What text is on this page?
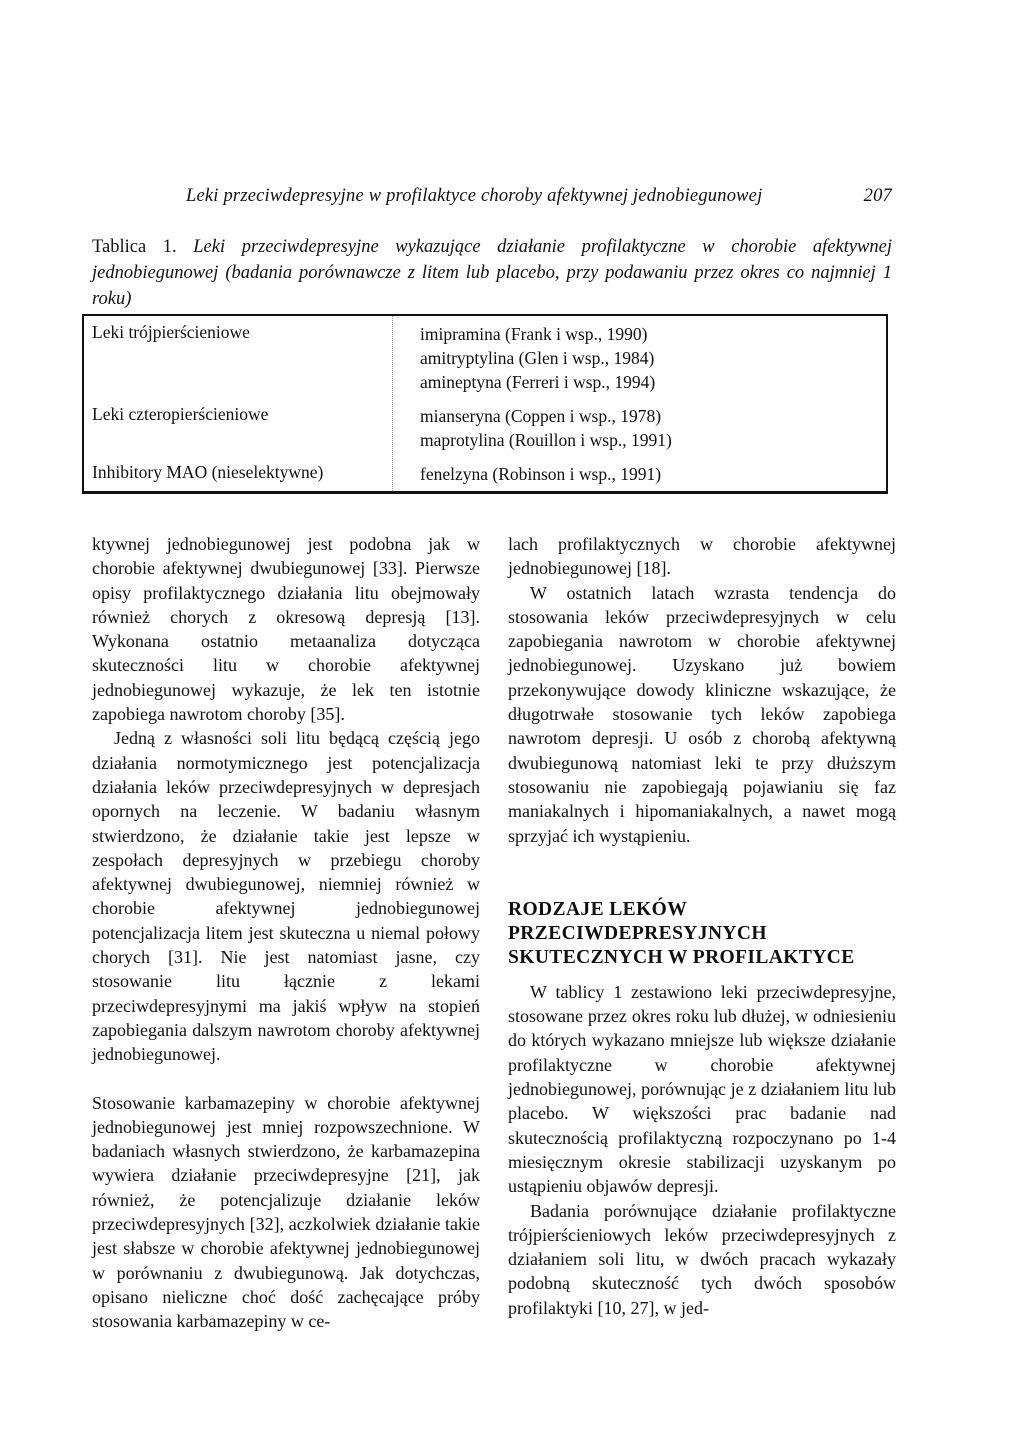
Leki przeciwdepresyjne w profilaktyce choroby afektywnej jednobiegunowej	207
Tablica 1. Leki przeciwdepresyjne wykazujące działanie profilaktyczne w chorobie afektywnej jednobiegunowej (badania porównawcze z litem lub placebo, przy podawaniu przez okres co najmniej 1 roku)
Leki trójpierścieniowe	imipramina (Frank i wsp., 1990)
amitryptylina (Glen i wsp., 1984)
amineptyna (Ferreri i wsp., 1994)
Leki czteropierścieniowe	mianseryna (Coppen i wsp., 1978)
maprotylina (Rouillon i wsp., 1991)
Inhibitory MAO (nieselektywne)	fenelzyna (Robinson i wsp., 1991)

ktywnej jednobiegunowej jest podobna jak w chorobie afektywnej dwubiegunowej [33]. Pierwsze opisy profilaktycznego działania litu obejmowały również chorych z okresową depresją [13]. Wykonana ostatnio metaanaliza dotycząca skuteczności litu w chorobie afektywnej jednobiegunowej wykazuje, że lek ten istotnie zapobiega nawrotom choroby [35].

Jedną z własności soli litu będącą częścią jego działania normotymicznego jest potencjalizacja działania leków przeciwdepresyjnych w depresjach opornych na leczenie. W badaniu własnym stwierdzono, że działanie takie jest lepsze w zespołach depresyjnych w przebiegu choroby afektywnej dwubiegunowej, niemniej również w chorobie afektywnej jednobiegunowej potencjalizacja litem jest skuteczna u niemal połowy chorych [31]. Nie jest natomiast jasne, czy stosowanie litu łącznie z lekami przeciwdepresyjnymi ma jakiś wpływ na stopień zapobiegania dalszym nawrotom choroby afektywnej jednobiegunowej.

Stosowanie karbamazepiny w chorobie afektywnej jednobiegunowej jest mniej rozpowszechnione. W badaniach własnych stwierdzono, że karbamazepina wywiera działanie przeciwdepresyjne [21], jak również, że potencjalizuje działanie leków przeciwdepresyjnych [32], aczkolwiek działanie takie jest słabsze w chorobie afektywnej jednobiegunowej w porównaniu z dwubiegunową. Jak dotychczas, opisano nieliczne choć dość zachęcające próby stosowania karbamazepiny w ce-

lach profilaktycznych w chorobie afektywnej jednobiegunowej [18].

W ostatnich latach wzrasta tendencja do stosowania leków przeciwdepresyjnych w celu zapobiegania nawrotom w chorobie afektywnej jednobiegunowej. Uzyskano już bowiem przekonywujące dowody kliniczne wskazujące, że długotrwałe stosowanie tych leków zapobiega nawrotom depresji. U osób z chorobą afektywną dwubiegunową natomiast leki te przy dłuższym stosowaniu nie zapobiegają pojawianiu się faz maniakalnych i hipomaniakalnych, a nawet mogą sprzyjać ich wystąpieniu.

RODZAJE LEKÓW PRZECIWDEPRESYJNYCH SKUTECZNYCH W PROFILAKTYCE

W tablicy 1 zestawiono leki przeciwdepresyjne, stosowane przez okres roku lub dłużej, w odniesieniu do których wykazano mniejsze lub większe działanie profilaktyczne w chorobie afektywnej jednobiegunowej, porównując je z działaniem litu lub placebo. W większości prac badanie nad skutecznością profilaktyczną rozpoczynano po 1-4 miesięcznym okresie stabilizacji uzyskanym po ustąpieniu objawów depresji.

Badania porównujące działanie profilaktyczne trójpierścieniowych leków przeciwdepresyjnych z działaniem soli litu, w dwóch pracach wykazały podobną skuteczność tych dwóch sposobów profilaktyki [10, 27], w jed-
